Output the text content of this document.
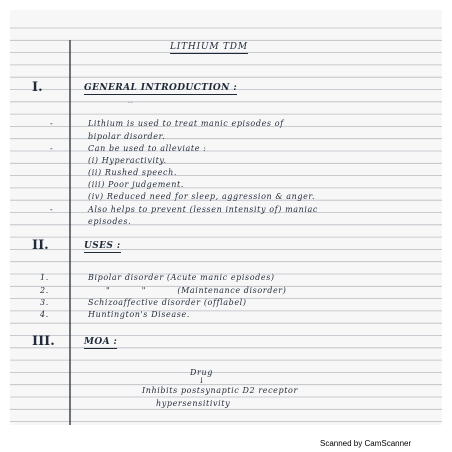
LITHIUM TDM
I.	GENERAL INTRODUCTION :
··
-	Lithium is used to treat manic episodes of
bipolar disorder.
-	Can be used to alleviate :
(i) Hyperactivity.
(ii) Rushed speech.
(iii) Poor judgement.
(iv) Reduced need for sleep, aggression & anger.
-	Also helps to prevent (lessen intensity of) maniac
episodes.
II.	USES :
1.	Bipolar disorder (Acute manic episodes)
2.	"          "          (Maintenance disorder)
3.	Schizoaffective disorder (offlabel)
4.	Huntington's Disease.
III.	MOA :
Drug
↓
Inhibits postsynaptic D2 receptor
hypersensitivity
Scanned by CamScanner
